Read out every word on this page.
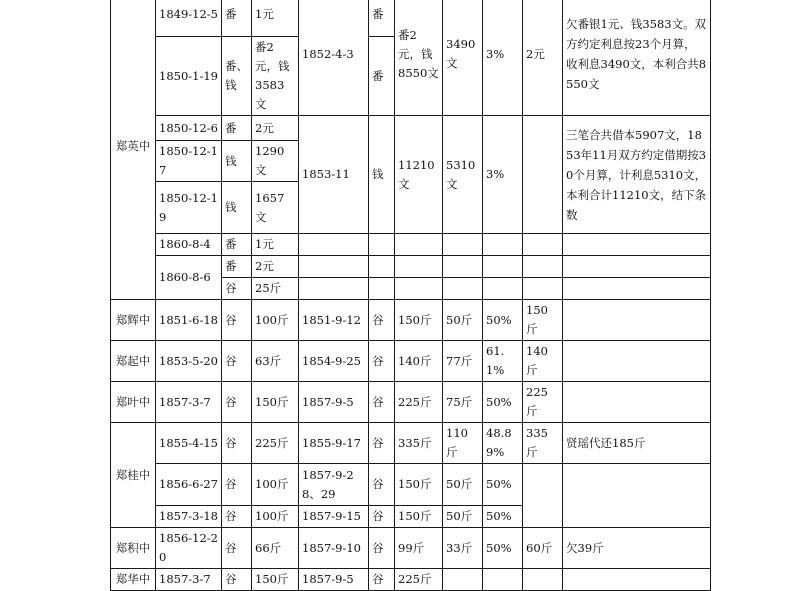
郑英中	1849-12-5	番	1元	1852-4-3	番	番2元，钱8550文	3490文	3%	2元	欠番银1元、钱3583文。双方约定利息按23个月算，收利息3490文，本利合共8550文
	1850-1-19	番、钱	番2元，钱3583文		番					
	1850-12-6	番	2元	1853-11	钱	11210文	5310文	3%		三笔合共借本5907文，1853年11月双方约定借期按30个月算，计利息5310文，本利合计11210文，结下条数
	1850-12-17	钱	1290文							
	1850-12-19	钱	1657文							
	1860-8-4	番	1元							
	1860-8-6	番	2元							
		谷	25斤							

郑辉中	1851-6-18	谷	100斤	1851-9-12	谷	150斤	50斤	50%	150斤	
郑起中	1853-5-20	谷	63斤	1854-9-25	谷	140斤	77斤	61.1%	140斤	
郑叶中	1857-3-7	谷	150斤	1857-9-5	谷	225斤	75斤	50%	225斤	
郑桂中	1855-4-15	谷	225斤	1855-9-17	谷	335斤	110斤	48.89%	335斤	贤瑶代还185斤
	1856-6-27	谷	100斤	1857-9-28、29	谷	150斤	50斤	50%		
	1857-3-18	谷	100斤	1857-9-15	谷	150斤	50斤	50%		
郑积中	1856-12-20	谷	66斤	1857-9-10	谷	99斤	33斤	50%	60斤	欠39斤
郑华中	1857-3-7	谷	150斤	1857-9-5	谷	225斤				
